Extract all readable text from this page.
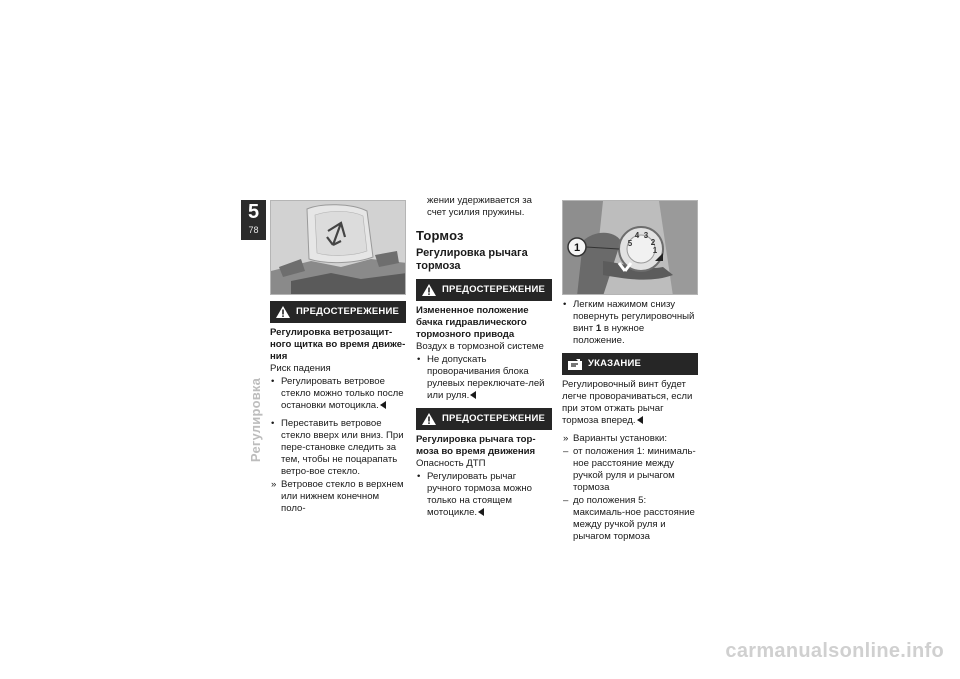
5
78
Регулировка
ПРЕДОСТЕРЕЖЕНИЕ

Регулировка ветрозащит-ного щитка во время движе-ния

Риск падения

• Регулировать ветровое стекло можно только после остановки мотоцикла.
• Переставить ветровое стекло вверх или вниз. При пере-становке следить за тем, чтобы не поцарапать ветро-вое стекло.
» Ветровое стекло в верхнем или нижнем конечном поло-
жении удерживается за счет усилия пружины.
Тормоз
Регулировка рычага тормоза
ПРЕДОСТЕРЕЖЕНИЕ

Измененное положение бачка гидравлического тормозного привода

Воздух в тормозной системе

• Не допускать проворачивания блока рулевых переключате-лей или руля.
ПРЕДОСТЕРЕЖЕНИЕ

Регулировка рычага тор-моза во время движения

Опасность ДТП

• Регулировать рычаг ручного тормоза можно только на стоящем мотоцикле.
1
2
3
4
5
1
• Легким нажимом снизу повернуть регулировочный винт 1 в нужное положение.
УКАЗАНИЕ

Регулировочный винт будет легче проворачиваться, если при этом отжать рычаг тормоза вперед.

» Варианты установки:
– от положения 1: минималь-ное расстояние между ручкой руля и рычагом тормоза
– до положения 5: максималь-ное расстояние между ручкой руля и рычагом тормоза
carmanualsonline.info
